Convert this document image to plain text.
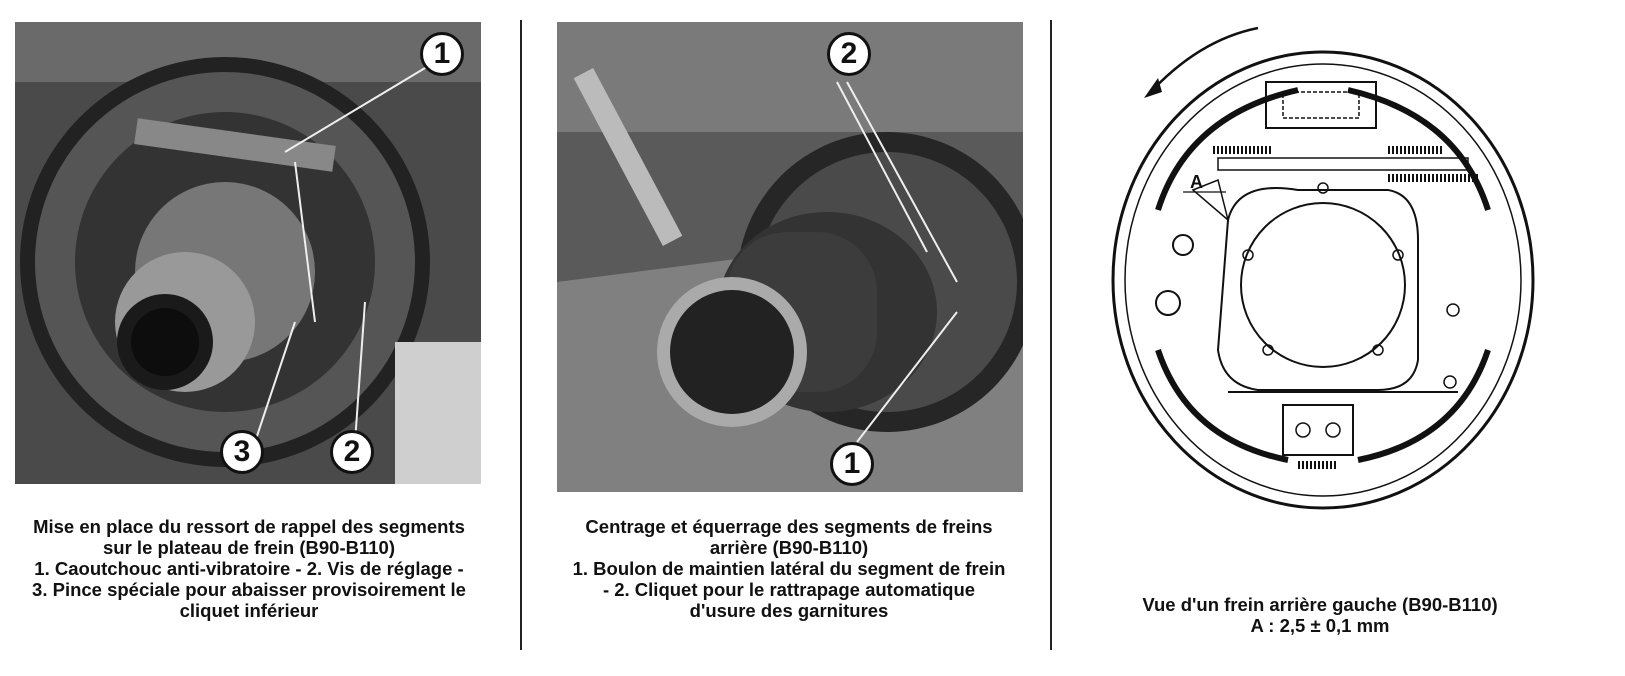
1
3	2
Mise en place du ressort de rappel des segments
sur le plateau de frein (B90-B110)
1. Caoutchouc anti-vibratoire - 2. Vis de réglage -
3. Pince spéciale pour abaisser provisoirement le
cliquet inférieur
2
1
Centrage et équerrage des segments de freins
arrière (B90-B110)
1. Boulon de maintien latéral du segment de frein
- 2. Cliquet pour le rattrapage automatique
d'usure des garnitures
A
Vue d'un frein arrière gauche (B90-B110)
A : 2,5 ± 0,1 mm
